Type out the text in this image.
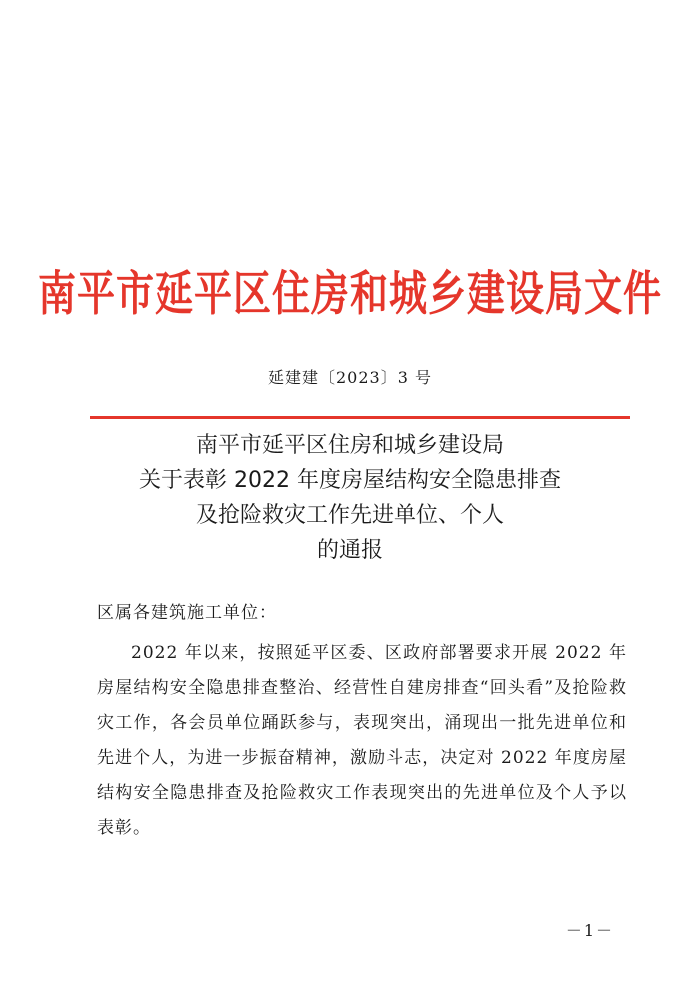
南平市延平区住房和城乡建设局文件
延建建〔2023〕3 号
南平市延平区住房和城乡建设局
关于表彰 2022 年度房屋结构安全隐患排查
及抢险救灾工作先进单位、个人
的通报
区属各建筑施工单位：
2022 年以来，按照延平区委、区政府部署要求开展 2022 年房屋结构安全隐患排查整治、经营性自建房排查“回头看”及抢险救灾工作，各会员单位踊跃参与，表现突出，涌现出一批先进单位和先进个人，为进一步振奋精神，激励斗志，决定对 2022 年度房屋结构安全隐患排查及抢险救灾工作表现突出的先进单位及个人予以表彰。
－1－
